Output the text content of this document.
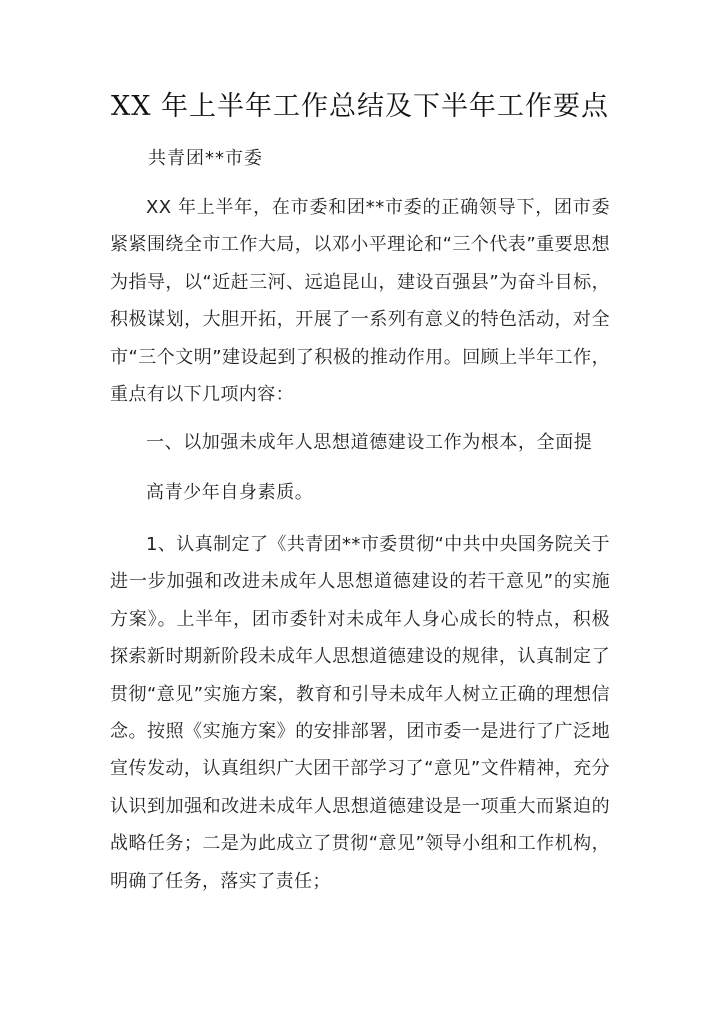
XX 年上半年工作总结及下半年工作要点
共青团**市委
XX 年上半年，在市委和团**市委的正确领导下，团市委紧紧围绕全市工作大局，以邓小平理论和“三个代表”重要思想为指导，以“近赶三河、远追昆山，建设百强县”为奋斗目标，积极谋划，大胆开拓，开展了一系列有意义的特色活动，对全市“三个文明”建设起到了积极的推动作用。回顾上半年工作，重点有以下几项内容：
一、以加强未成年人思想道德建设工作为根本，全面提
高青少年自身素质。
1、认真制定了《共青团**市委贯彻“中共中央国务院关于进一步加强和改进未成年人思想道德建设的若干意见”的实施方案》。上半年，团市委针对未成年人身心成长的特点，积极探索新时期新阶段未成年人思想道德建设的规律，认真制定了贯彻“意见”实施方案，教育和引导未成年人树立正确的理想信念。按照《实施方案》的安排部署，团市委一是进行了广泛地宣传发动，认真组织广大团干部学习了“意见”文件精神，充分认识到加强和改进未成年人思想道德建设是一项重大而紧迫的战略任务；二是为此成立了贯彻“意见”领导小组和工作机构，明确了任务，落实了责任；
